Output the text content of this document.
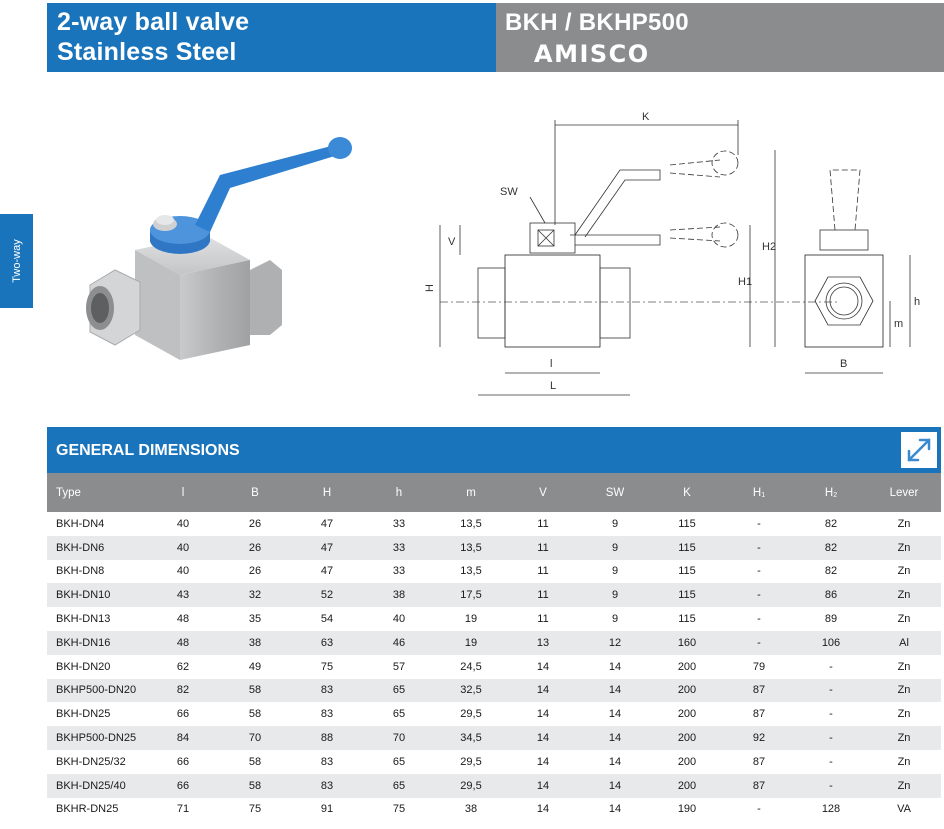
2-way ball valve
Stainless Steel
BKH / BKHP500
AMISCO
Two-way
K
H
V
SW
H1
H2
l
L
B
h
m
GENERAL DIMENSIONS
Type	l	B	H	h	m	V	SW	K	H1	H2	Lever
BKH-DN4	40	26	47	33	13,5	11	9	115	-	82	Zn
BKH-DN6	40	26	47	33	13,5	11	9	115	-	82	Zn
BKH-DN8	40	26	47	33	13,5	11	9	115	-	82	Zn
BKH-DN10	43	32	52	38	17,5	11	9	115	-	86	Zn
BKH-DN13	48	35	54	40	19	11	9	115	-	89	Zn
BKH-DN16	48	38	63	46	19	13	12	160	-	106	Al
BKH-DN20	62	49	75	57	24,5	14	14	200	79	-	Zn
BKHP500-DN20	82	58	83	65	32,5	14	14	200	87	-	Zn
BKH-DN25	66	58	83	65	29,5	14	14	200	87	-	Zn
BKHP500-DN25	84	70	88	70	34,5	14	14	200	92	-	Zn
BKH-DN25/32	66	58	83	65	29,5	14	14	200	87	-	Zn
BKH-DN25/40	66	58	83	65	29,5	14	14	200	87	-	Zn
BKHR-DN25	71	75	91	75	38	14	14	190	-	128	VA
